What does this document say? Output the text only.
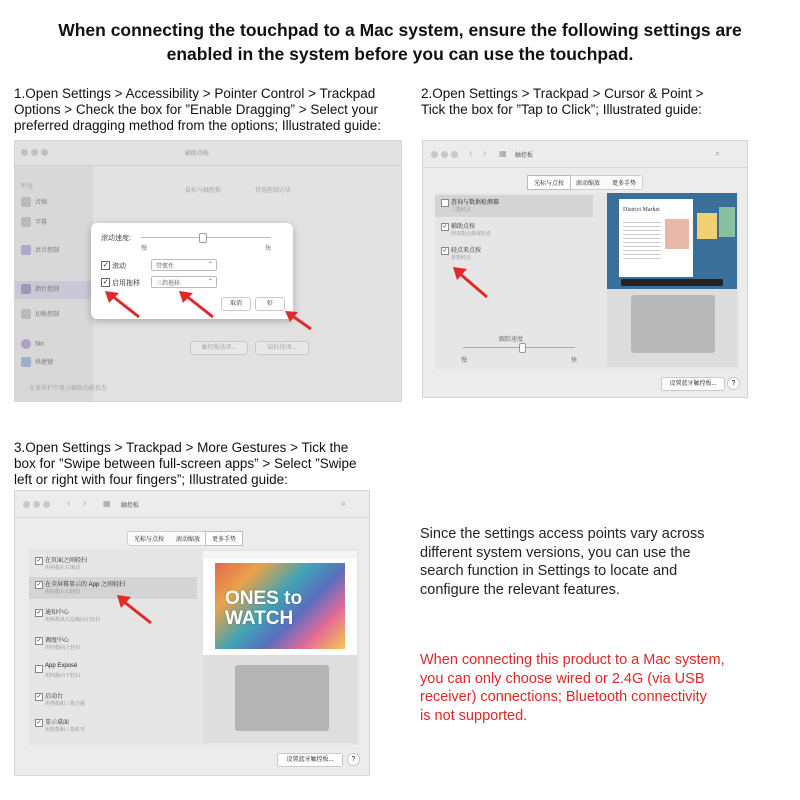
When connecting the touchpad to a Mac system, ensure the following settings are
enabled in the system before you can use the touchpad.
1.Open Settings > Accessibility > Pointer Control > Trackpad
Options > Check the box for ”Enable Dragging” > Select your
preferred dragging method from the options; Illustrated guide:
2.Open Settings > Trackpad > Cursor & Point >
Tick the box for ”Tap to Click”; Illustrated guide:
3.Open Settings > Trackpad > More Gestures > Tick the
box for ”Swipe between full-screen apps” > Select ”Swipe
left or right with four fingers”; Illustrated guide:
辅助功能
听觉
音频
字幕
语音控制
指针控制
切换控制
Siri
快捷键
鼠标与触控板	替选控制方法
触控板选项...	鼠标选项...
在菜单栏中显示辅助功能状态
滚动速度:
慢	快
✓ 滚动	带惯性	⌃
✓ 启用拖移	三指拖移	⌃
取消	好
‹ › ▦ 触控板	⌕
光标与点按	滚动缩放	更多手势
查询与数据检测器
三指轻点
✓ 辅助点按
用双指点按或轻点
✓ 轻点来点按
单指轻点
跟踪速度
慢	快
District Market
设置蓝牙触控板...	?
‹ › ▦ 触控板	⌕
光标与点按	滚动缩放	更多手势
✓ 在页面之间轻扫
用两指左右滚动
✓ 在全屏幕显示的 App 之间轻扫
用四指左右轻扫
✓ 通知中心
用两指从右边缘向左轻扫
✓ 调度中心
用四指向上轻扫
App Exposé
用四指向下轻扫
✓ 启动台
用拇指和三指合拢
✓ 显示桌面
用拇指和三指张开
ONES to
WATCH
设置蓝牙触控板...	?
Since the settings access points vary across
different system versions, you can use the
search function in Settings to locate and
configure the relevant features.
When connecting this product to a Mac system,
you can only choose wired or 2.4G (via USB
receiver) connections; Bluetooth connectivity
is not supported.
